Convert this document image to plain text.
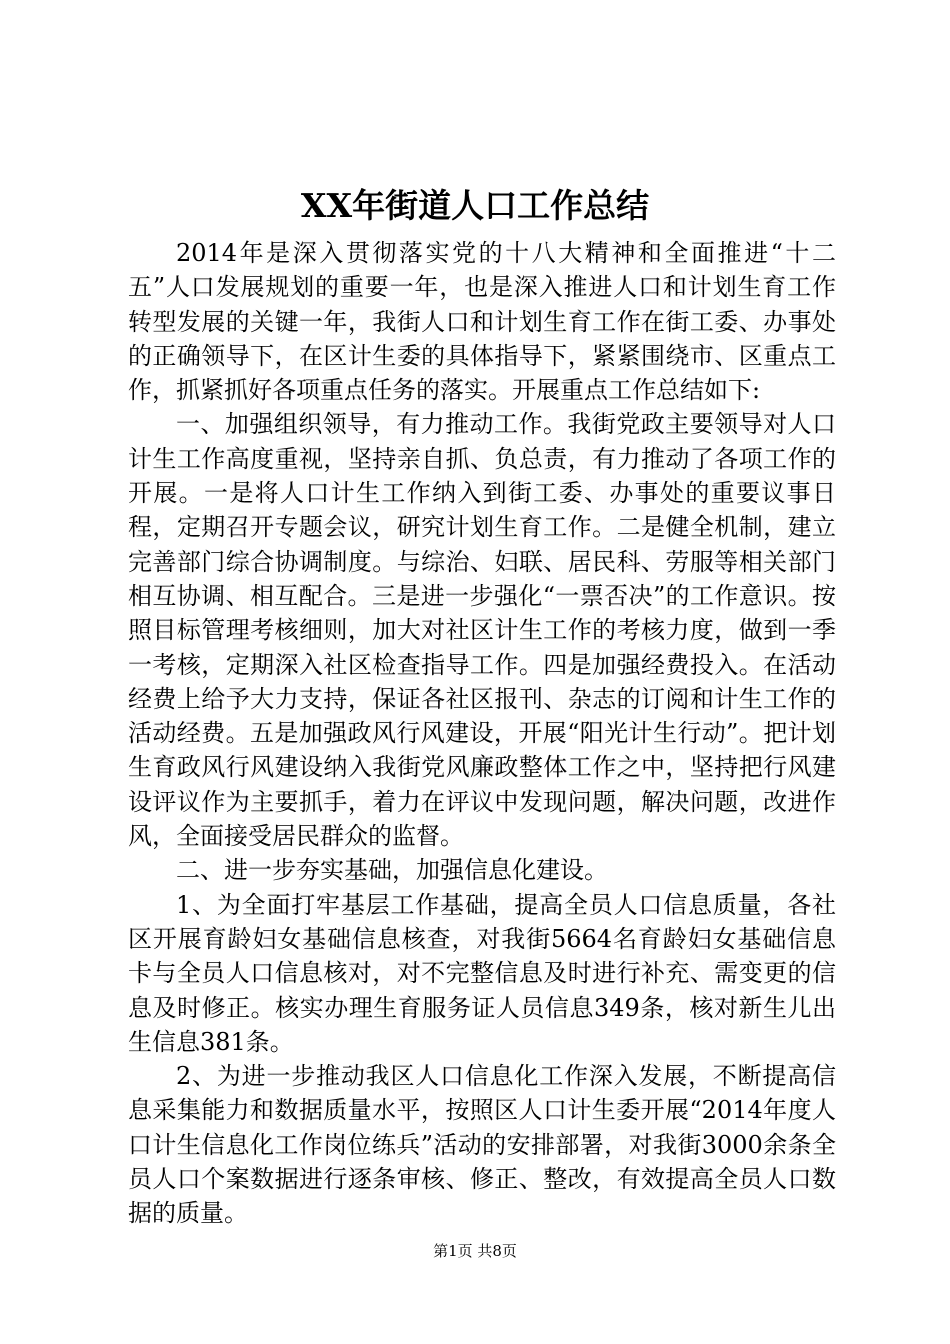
XX年街道人口工作总结

2014年是深入贯彻落实党的十八大精神和全面推进“十二五”人口发展规划的重要一年，也是深入推进人口和计划生育工作转型发展的关键一年，我街人口和计划生育工作在街工委、办事处的正确领导下，在区计生委的具体指导下，紧紧围绕市、区重点工作，抓紧抓好各项重点任务的落实。开展重点工作总结如下:

一、加强组织领导，有力推动工作。我街党政主要领导对人口计生工作高度重视，坚持亲自抓、负总责，有力推动了各项工作的开展。一是将人口计生工作纳入到街工委、办事处的重要议事日程，定期召开专题会议，研究计划生育工作。二是健全机制，建立完善部门综合协调制度。与综治、妇联、居民科、劳服等相关部门相互协调、相互配合。三是进一步强化“一票否决”的工作意识。按照目标管理考核细则，加大对社区计生工作的考核力度，做到一季一考核，定期深入社区检查指导工作。四是加强经费投入。在活动经费上给予大力支持，保证各社区报刊、杂志的订阅和计生工作的活动经费。五是加强政风行风建设，开展“阳光计生行动”。把计划生育政风行风建设纳入我街党风廉政整体工作之中，坚持把行风建设评议作为主要抓手，着力在评议中发现问题，解决问题，改进作风，全面接受居民群众的监督。

二、进一步夯实基础，加强信息化建设。

1、为全面打牢基层工作基础，提高全员人口信息质量，各社区开展育龄妇女基础信息核查，对我街5664名育龄妇女基础信息卡与全员人口信息核对，对不完整信息及时进行补充、需变更的信息及时修正。核实办理生育服务证人员信息349条，核对新生儿出生信息381条。

2、为进一步推动我区人口信息化工作深入发展，不断提高信息采集能力和数据质量水平，按照区人口计生委开展“2014年度人口计生信息化工作岗位练兵”活动的安排部署，对我街3000余条全员人口个案数据进行逐条审核、修正、整改，有效提高全员人口数据的质量。

第1页 共8页
